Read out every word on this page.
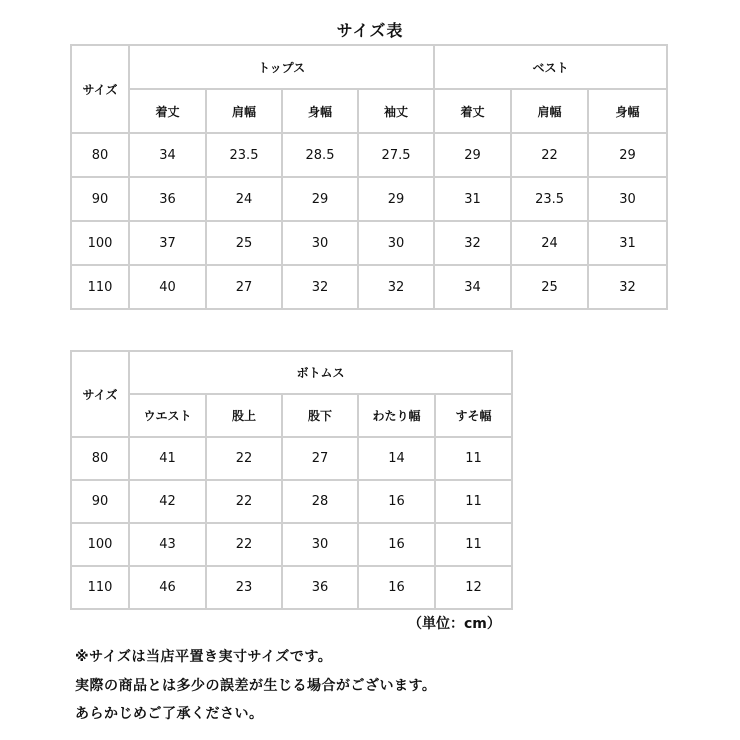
サイズ表
サイズ	トップス				ベスト		
	着丈	肩幅	身幅	袖丈	着丈	肩幅	身幅
80	34	23.5	28.5	27.5	29	22	29
90	36	24	29	29	31	23.5	30
100	37	25	30	30	32	24	31
110	40	27	32	32	34	25	32
サイズ	ボトムス				
	ウエスト	股上	股下	わたり幅	すそ幅
80	41	22	27	14	11
90	42	22	28	16	11
100	43	22	30	16	11
110	46	23	36	16	12
（単位：cm）
※サイズは当店平置き実寸サイズです。
実際の商品とは多少の誤差が生じる場合がございます。
あらかじめご了承ください。
